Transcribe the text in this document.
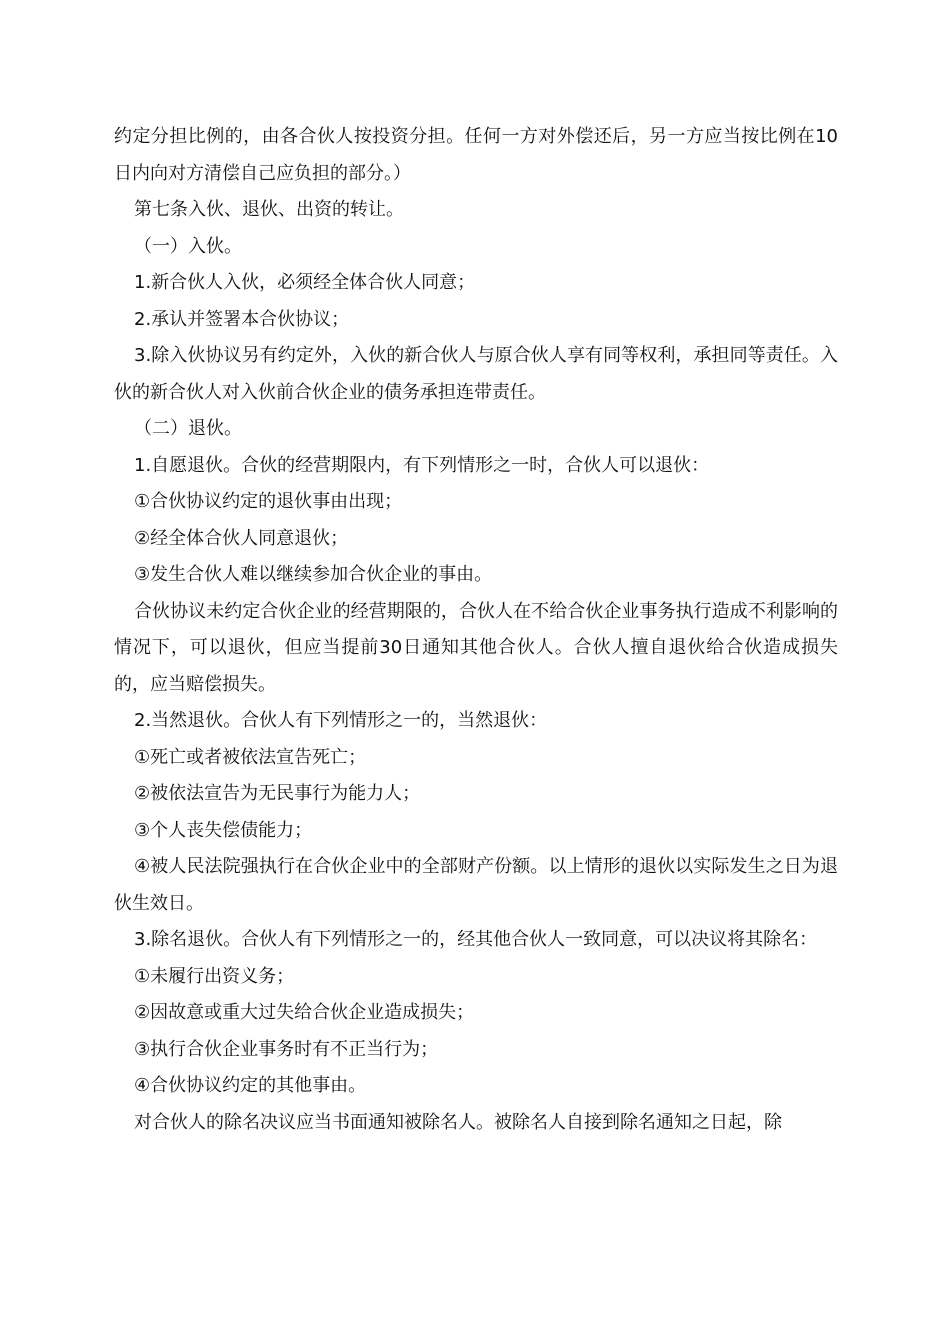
约定分担比例的，由各合伙人按投资分担。任何一方对外偿还后，另一方应当按比例在10日内向对方清偿自己应负担的部分。）

第七条入伙、退伙、出资的转让。

（一）入伙。

1.新合伙人入伙，必须经全体合伙人同意；

2.承认并签署本合伙协议；

3.除入伙协议另有约定外，入伙的新合伙人与原合伙人享有同等权利，承担同等责任。入伙的新合伙人对入伙前合伙企业的债务承担连带责任。

（二）退伙。

1.自愿退伙。合伙的经营期限内，有下列情形之一时，合伙人可以退伙：

①合伙协议约定的退伙事由出现；

②经全体合伙人同意退伙；

③发生合伙人难以继续参加合伙企业的事由。

合伙协议未约定合伙企业的经营期限的，合伙人在不给合伙企业事务执行造成不利影响的情况下，可以退伙，但应当提前30日通知其他合伙人。合伙人擅自退伙给合伙造成损失的，应当赔偿损失。

2.当然退伙。合伙人有下列情形之一的，当然退伙：

①死亡或者被依法宣告死亡；

②被依法宣告为无民事行为能力人；

③个人丧失偿债能力；

④被人民法院强执行在合伙企业中的全部财产份额。以上情形的退伙以实际发生之日为退伙生效日。

3.除名退伙。合伙人有下列情形之一的，经其他合伙人一致同意，可以决议将其除名：

①未履行出资义务；

②因故意或重大过失给合伙企业造成损失；

③执行合伙企业事务时有不正当行为；

④合伙协议约定的其他事由。

对合伙人的除名决议应当书面通知被除名人。被除名人自接到除名通知之日起，除
